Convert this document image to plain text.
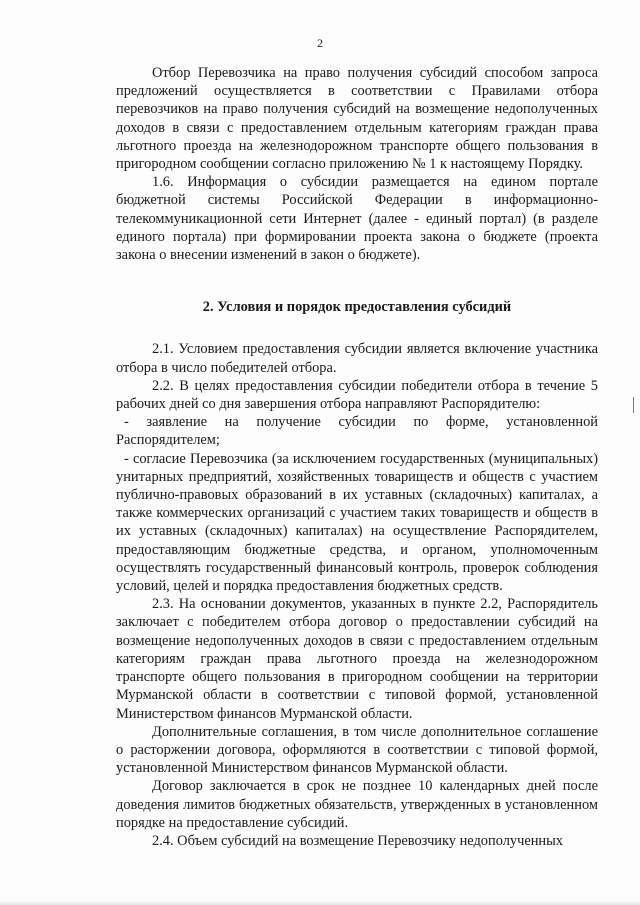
2

Отбор Перевозчика на право получения субсидий способом запроса предложений осуществляется в соответствии с Правилами отбора перевозчиков на право получения субсидий на возмещение недополученных доходов в связи с предоставлением отдельным категориям граждан права льготного проезда на железнодорожном транспорте общего пользования в пригородном сообщении согласно приложению № 1 к настоящему Порядку.

1.6. Информация о субсидии размещается на едином портале бюджетной системы Российской Федерации в информационно-телекоммуникационной сети Интернет (далее - единый портал) (в разделе единого портала) при формировании проекта закона о бюджете (проекта закона о внесении изменений в закон о бюджете).

2. Условия и порядок предоставления субсидий

2.1. Условием предоставления субсидии является включение участника отбора в число победителей отбора.

2.2. В целях предоставления субсидии победители отбора в течение 5 рабочих дней со дня завершения отбора направляют Распорядителю:

- заявление на получение субсидии по форме, установленной Распорядителем;

- согласие Перевозчика (за исключением государственных (муниципальных) унитарных предприятий, хозяйственных товариществ и обществ с участием публично-правовых образований в их уставных (складочных) капиталах, а также коммерческих организаций с участием таких товариществ и обществ в их уставных (складочных) капиталах) на осуществление Распорядителем, предоставляющим бюджетные средства, и органом, уполномоченным осуществлять государственный финансовый контроль, проверок соблюдения условий, целей и порядка предоставления бюджетных средств.

2.3. На основании документов, указанных в пункте 2.2, Распорядитель заключает с победителем отбора договор о предоставлении субсидий на возмещение недополученных доходов в связи с предоставлением отдельным категориям граждан права льготного проезда на железнодорожном транспорте общего пользования в пригородном сообщении на территории Мурманской области в соответствии с типовой формой, установленной Министерством финансов Мурманской области.

Дополнительные соглашения, в том числе дополнительное соглашение о расторжении договора, оформляются в соответствии с типовой формой, установленной Министерством финансов Мурманской области.

Договор заключается в срок не позднее 10 календарных дней после доведения лимитов бюджетных обязательств, утвержденных в установленном порядке на предоставление субсидий.

2.4. Объем субсидий на возмещение Перевозчику недополученных
